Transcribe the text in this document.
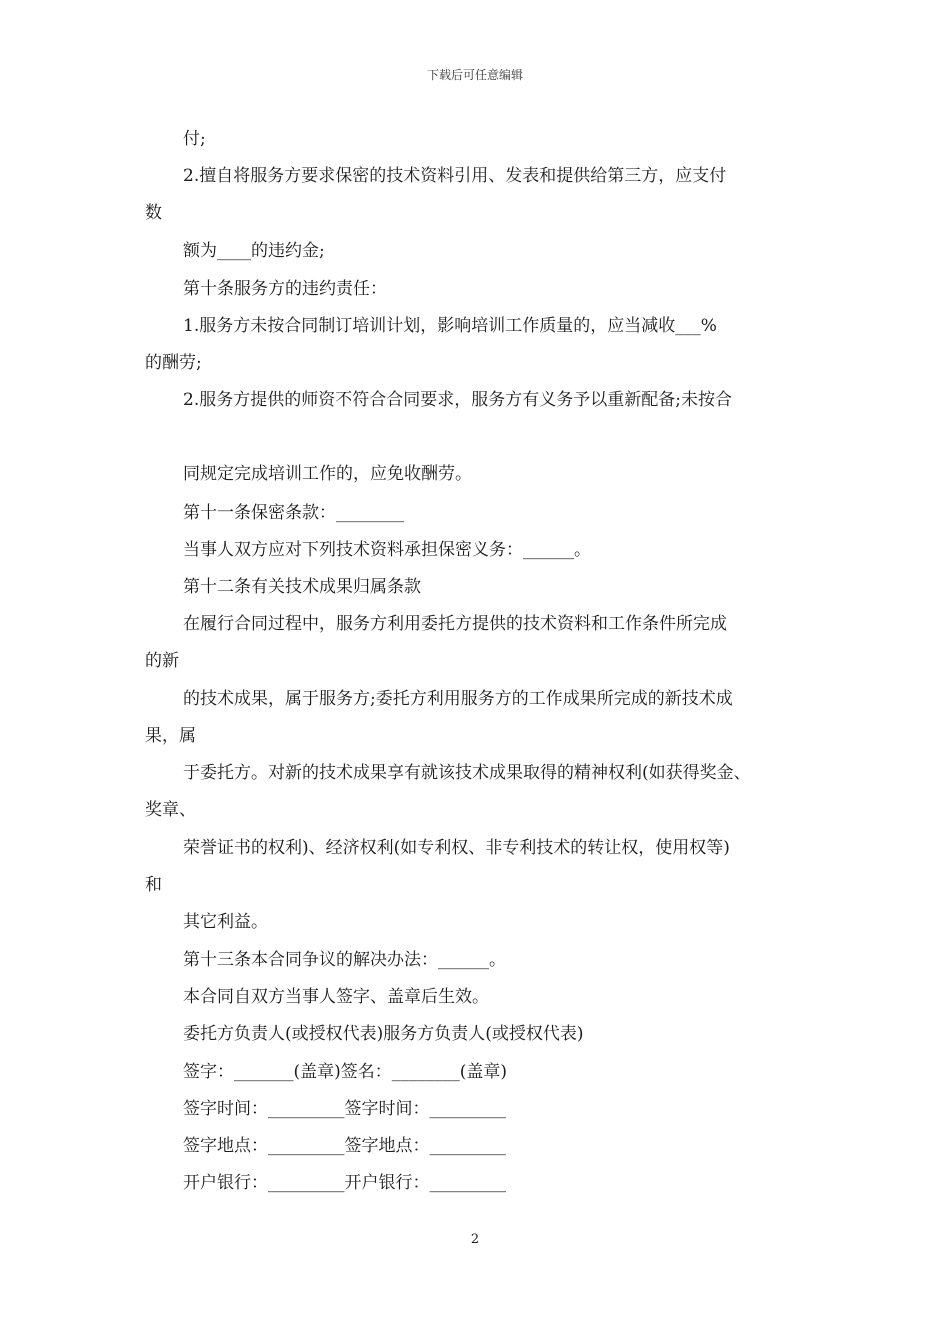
下载后可任意编辑
付;
2.擅自将服务方要求保密的技术资料引用、发表和提供给第三方，应支付
数
额为____的违约金;
第十条服务方的违约责任：
1.服务方未按合同制订培训计划，影响培训工作质量的，应当减收___%
的酬劳;
2.服务方提供的师资不符合合同要求，服务方有义务予以重新配备;未按合
同规定完成培训工作的，应免收酬劳。
第十一条保密条款：________
当事人双方应对下列技术资料承担保密义务：______。
第十二条有关技术成果归属条款
在履行合同过程中，服务方利用委托方提供的技术资料和工作条件所完成
的新
的技术成果，属于服务方;委托方利用服务方的工作成果所完成的新技术成
果，属
于委托方。对新的技术成果享有就该技术成果取得的精神权利(如获得奖金、
奖章、
荣誉证书的权利)、经济权利(如专利权、非专利技术的转让权，使用权等)
和
其它利益。
第十三条本合同争议的解决办法：______。
本合同自双方当事人签字、盖章后生效。
委托方负责人(或授权代表)服务方负责人(或授权代表)
签字：_______(盖章)签名：________(盖章)
签字时间：_________签字时间：_________
签字地点：_________签字地点：_________
开户银行：_________开户银行：_________
2
